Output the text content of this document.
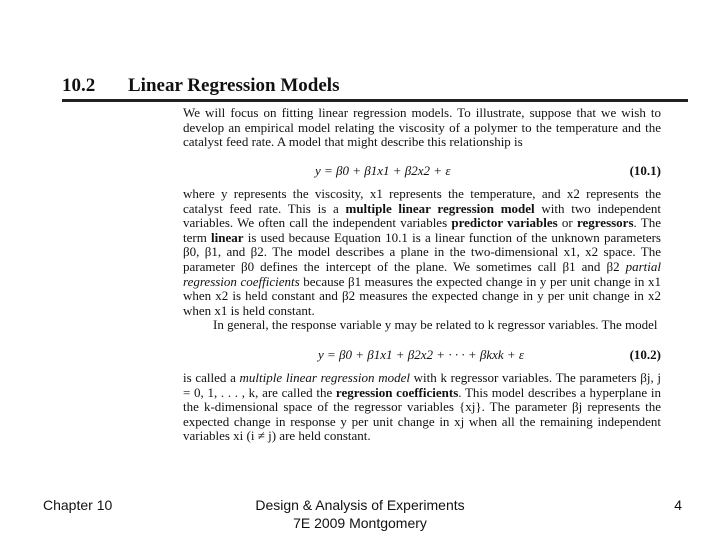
10.2 Linear Regression Models
We will focus on fitting linear regression models. To illustrate, suppose that we wish to develop an empirical model relating the viscosity of a polymer to the temperature and the catalyst feed rate. A model that might describe this relationship is
y = β0 + β1x1 + β2x2 + ε	(10.1)
where y represents the viscosity, x1 represents the temperature, and x2 represents the catalyst feed rate. This is a multiple linear regression model with two independent variables. We often call the independent variables predictor variables or regressors. The term linear is used because Equation 10.1 is a linear function of the unknown parameters β0, β1, and β2. The model describes a plane in the two-dimensional x1, x2 space. The parameter β0 defines the intercept of the plane. We sometimes call β1 and β2 partial regression coefficients because β1 measures the expected change in y per unit change in x1 when x2 is held constant and β2 measures the expected change in y per unit change in x2 when x1 is held constant.
In general, the response variable y may be related to k regressor variables. The model
y = β0 + β1x1 + β2x2 + · · · + βkxk + ε	(10.2)
is called a multiple linear regression model with k regressor variables. The parameters βj, j = 0, 1, . . . , k, are called the regression coefficients. This model describes a hyperplane in the k-dimensional space of the regressor variables {xj}. The parameter βj represents the expected change in response y per unit change in xj when all the remaining independent variables xi (i ≠ j) are held constant.
Chapter 10	Design & Analysis of Experiments
7E 2009 Montgomery
4
